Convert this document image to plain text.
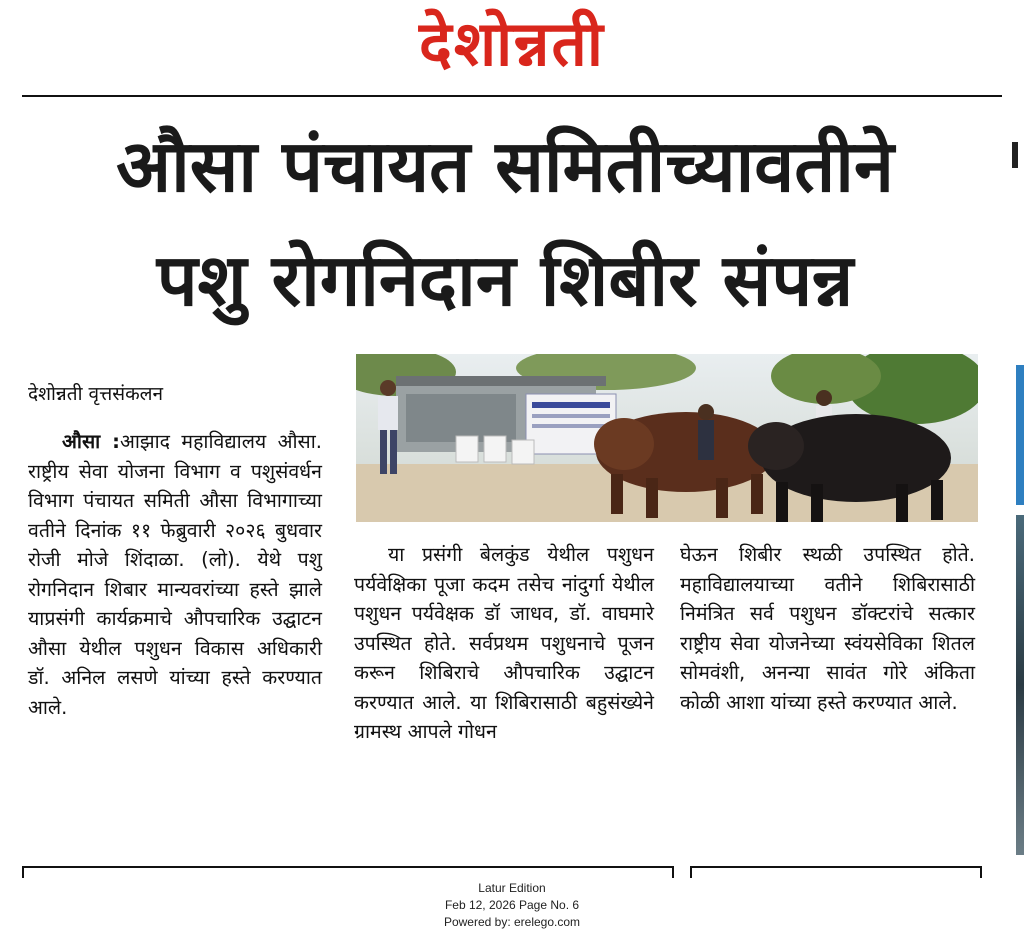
देशोन्नती
औसा पंचायत समितीच्यावतीने
पशु रोगनिदान शिबीर संपन्न
देशोन्नती वृत्तसंकलन

औसा :आझाद महाविद्यालय औसा. राष्ट्रीय सेवा योजना विभाग व पशुसंवर्धन विभाग पंचायत समिती औसा विभागाच्या वतीने दिनांक ११ फेब्रुवारी २०२६ बुधवार रोजी मोजे शिंदाळा. (लो). येथे पशु रोगनिदान शिबार मान्यवरांच्या हस्ते झाले याप्रसंगी कार्यक्रमाचे औपचारिक उद्घाटन औसा येथील पशुधन विकास अधिकारी डॉ. अनिल लसणे यांच्या हस्ते करण्यात आले.

या प्रसंगी बेलकुंड येथील पशुधन पर्यवेक्षिका पूजा कदम तसेच नांदुर्गा येथील पशुधन पर्यवेक्षक डॉ जाधव, डॉ. वाघमारे उपस्थित होते. सर्वप्रथम पशुधनाचे पूजन करून शिबिराचे औपचारिक उद्घाटन करण्यात आले. या शिबिरासाठी बहुसंख्येने ग्रामस्थ आपले गोधन

घेऊन शिबीर स्थळी उपस्थित होते. महाविद्यालयाच्या वतीने शिबिरासाठी निमंत्रित सर्व पशुधन डॉक्टरांचे सत्कार राष्ट्रीय सेवा योजनेच्या स्वंयसेविका शितल सोमवंशी, अनन्या सावंत गोरे अंकिता कोळी आशा यांच्या हस्ते करण्यात आले.

Latur Edition
Feb 12, 2026 Page No. 6
Powered by: erelego.com
